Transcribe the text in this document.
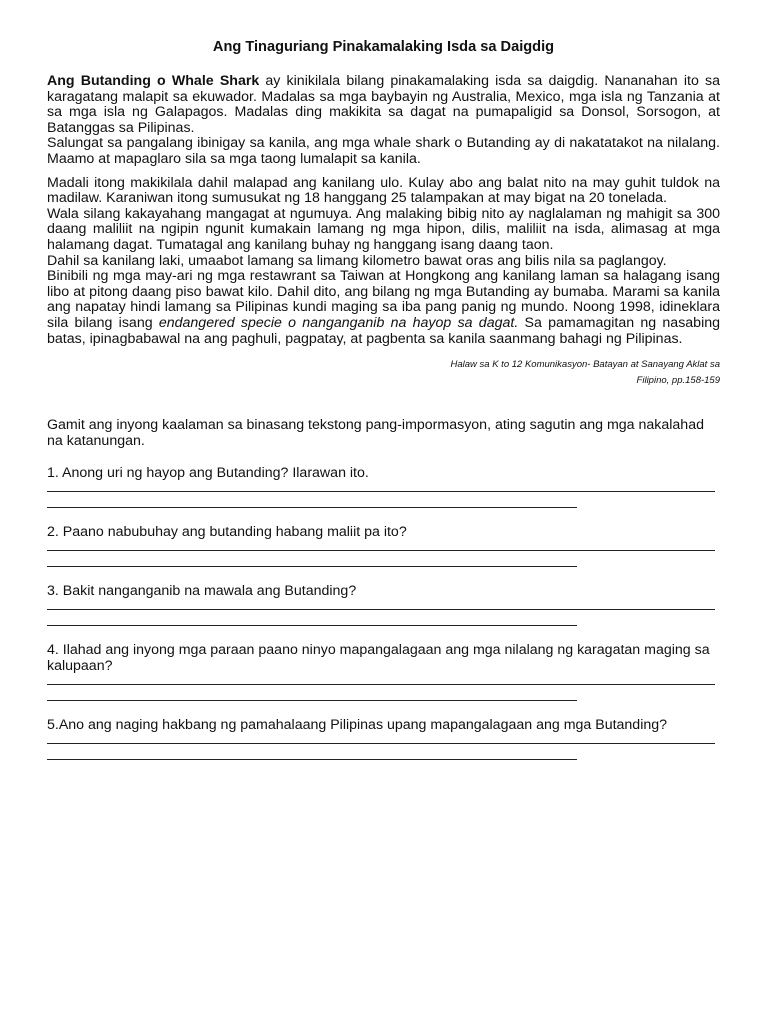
Ang Tinaguriang Pinakamalaking Isda sa Daigdig

Ang Butanding o Whale Shark ay kinikilala bilang pinakamalaking isda sa daigdig. Nananahan ito sa karagatang malapit sa ekuwador. Madalas sa mga baybayin ng Australia, Mexico, mga isla ng Tanzania at sa mga isla ng Galapagos. Madalas ding makikita sa dagat na pumapaligid sa Donsol, Sorsogon, at Batanggas sa Pilipinas.

Salungat sa pangalang ibinigay sa kanila, ang mga whale shark o Butanding ay di nakatatakot na nilalang. Maamo at mapaglaro sila sa mga taong lumalapit sa kanila.

Madali itong makikilala dahil malapad ang kanilang ulo. Kulay abo ang balat nito na may guhit tuldok na madilaw. Karaniwan itong sumusukat ng 18 hanggang 25 talampakan at may bigat na 20 tonelada.

Wala silang kakayahang mangagat at ngumuya. Ang malaking bibig nito ay naglalaman ng mahigit sa 300 daang maliliit na ngipin ngunit kumakain lamang ng mga hipon, dilis, maliliit na isda, alimasag at mga halamang dagat. Tumatagal ang kanilang buhay ng hanggang isang daang taon.

Dahil sa kanilang laki, umaabot lamang sa limang kilometro bawat oras ang bilis nila sa paglangoy.

Binibili ng mga may-ari ng mga restawrant sa Taiwan at Hongkong ang kanilang laman sa halagang isang libo at pitong daang piso bawat kilo. Dahil dito, ang bilang ng mga Butanding ay bumaba. Marami sa kanila ang napatay hindi lamang sa Pilipinas kundi maging sa iba pang panig ng mundo. Noong 1998, idineklara sila bilang isang endangered specie o nanganganib na hayop sa dagat. Sa pamamagitan ng nasabing batas, ipinagbabawal na ang paghuli, pagpatay, at pagbenta sa kanila saanmang bahagi ng Pilipinas.

Halaw sa K to 12 Komunikasyon- Batayan at Sanayang Aklat sa
Filipino, pp.158-159
Gamit ang inyong kaalaman sa binasang tekstong pang-impormasyon, ating sagutin ang mga nakalahad na katanungan.
1. Anong uri ng hayop ang Butanding? Ilarawan ito.
2. Paano nabubuhay ang butanding habang maliit pa ito?
3. Bakit nanganganib na mawala ang Butanding?
4. Ilahad ang inyong mga paraan paano ninyo mapangalagaan ang mga nilalang ng karagatan maging sa kalupaan?
5.Ano ang naging hakbang ng pamahalaang Pilipinas upang mapangalagaan ang mga Butanding?
